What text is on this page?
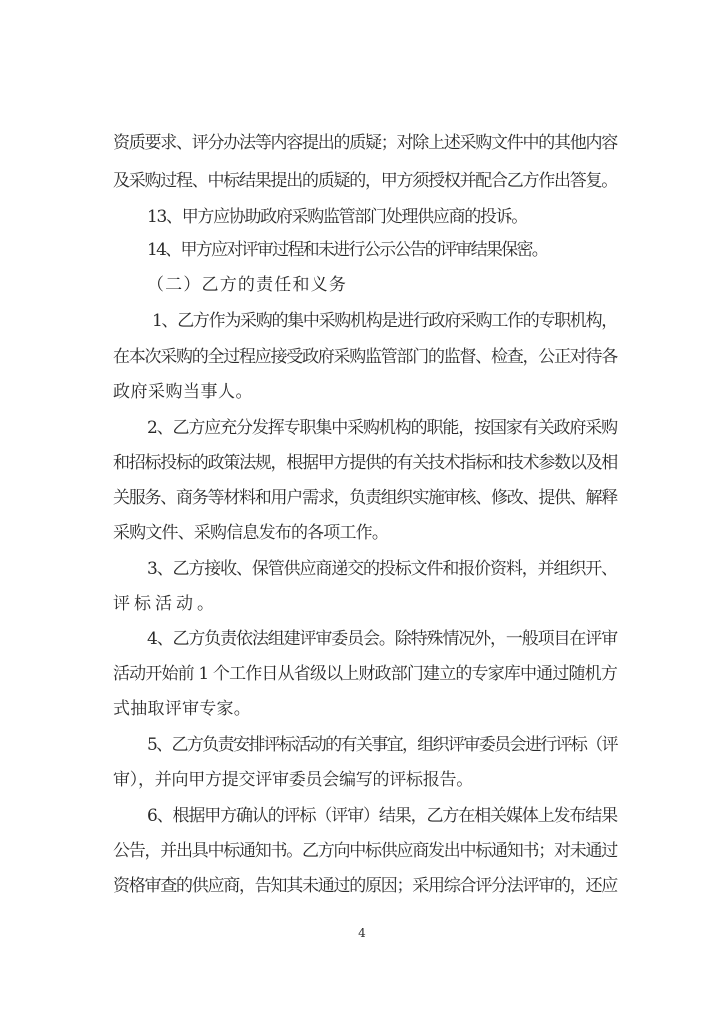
资质要求、评分办法等内容提出的质疑；对除上述采购文件中的其他内容
及采购过程、中标结果提出的质疑的，甲方须授权并配合乙方作出答复。
13、甲方应协助政府采购监管部门处理供应商的投诉。
14、甲方应对评审过程和未进行公示公告的评审结果保密。
（二）乙方的责任和义务
1、乙方作为采购的集中采购机构是进行政府采购工作的专职机构，
在本次采购的全过程应接受政府采购监管部门的监督、检查，公正对待各
政府采购当事人。
2、乙方应充分发挥专职集中采购机构的职能，按国家有关政府采购
和招标投标的政策法规，根据甲方提供的有关技术指标和技术参数以及相
关服务、商务等材料和用户需求，负责组织实施审核、修改、提供、解释
采购文件、采购信息发布的各项工作。
3、乙方接收、保管供应商递交的投标文件和报价资料，并组织开、
评标活动。
4、乙方负责依法组建评审委员会。除特殊情况外，一般项目在评审
活动开始前 1 个工作日从省级以上财政部门建立的专家库中通过随机方
式抽取评审专家。
5、乙方负责安排评标活动的有关事宜，组织评审委员会进行评标（评
审），并向甲方提交评审委员会编写的评标报告。
6、根据甲方确认的评标（评审）结果，乙方在相关媒体上发布结果
公告，并出具中标通知书。乙方向中标供应商发出中标通知书；对未通过
资格审查的供应商，告知其未通过的原因；采用综合评分法评审的，还应
4
